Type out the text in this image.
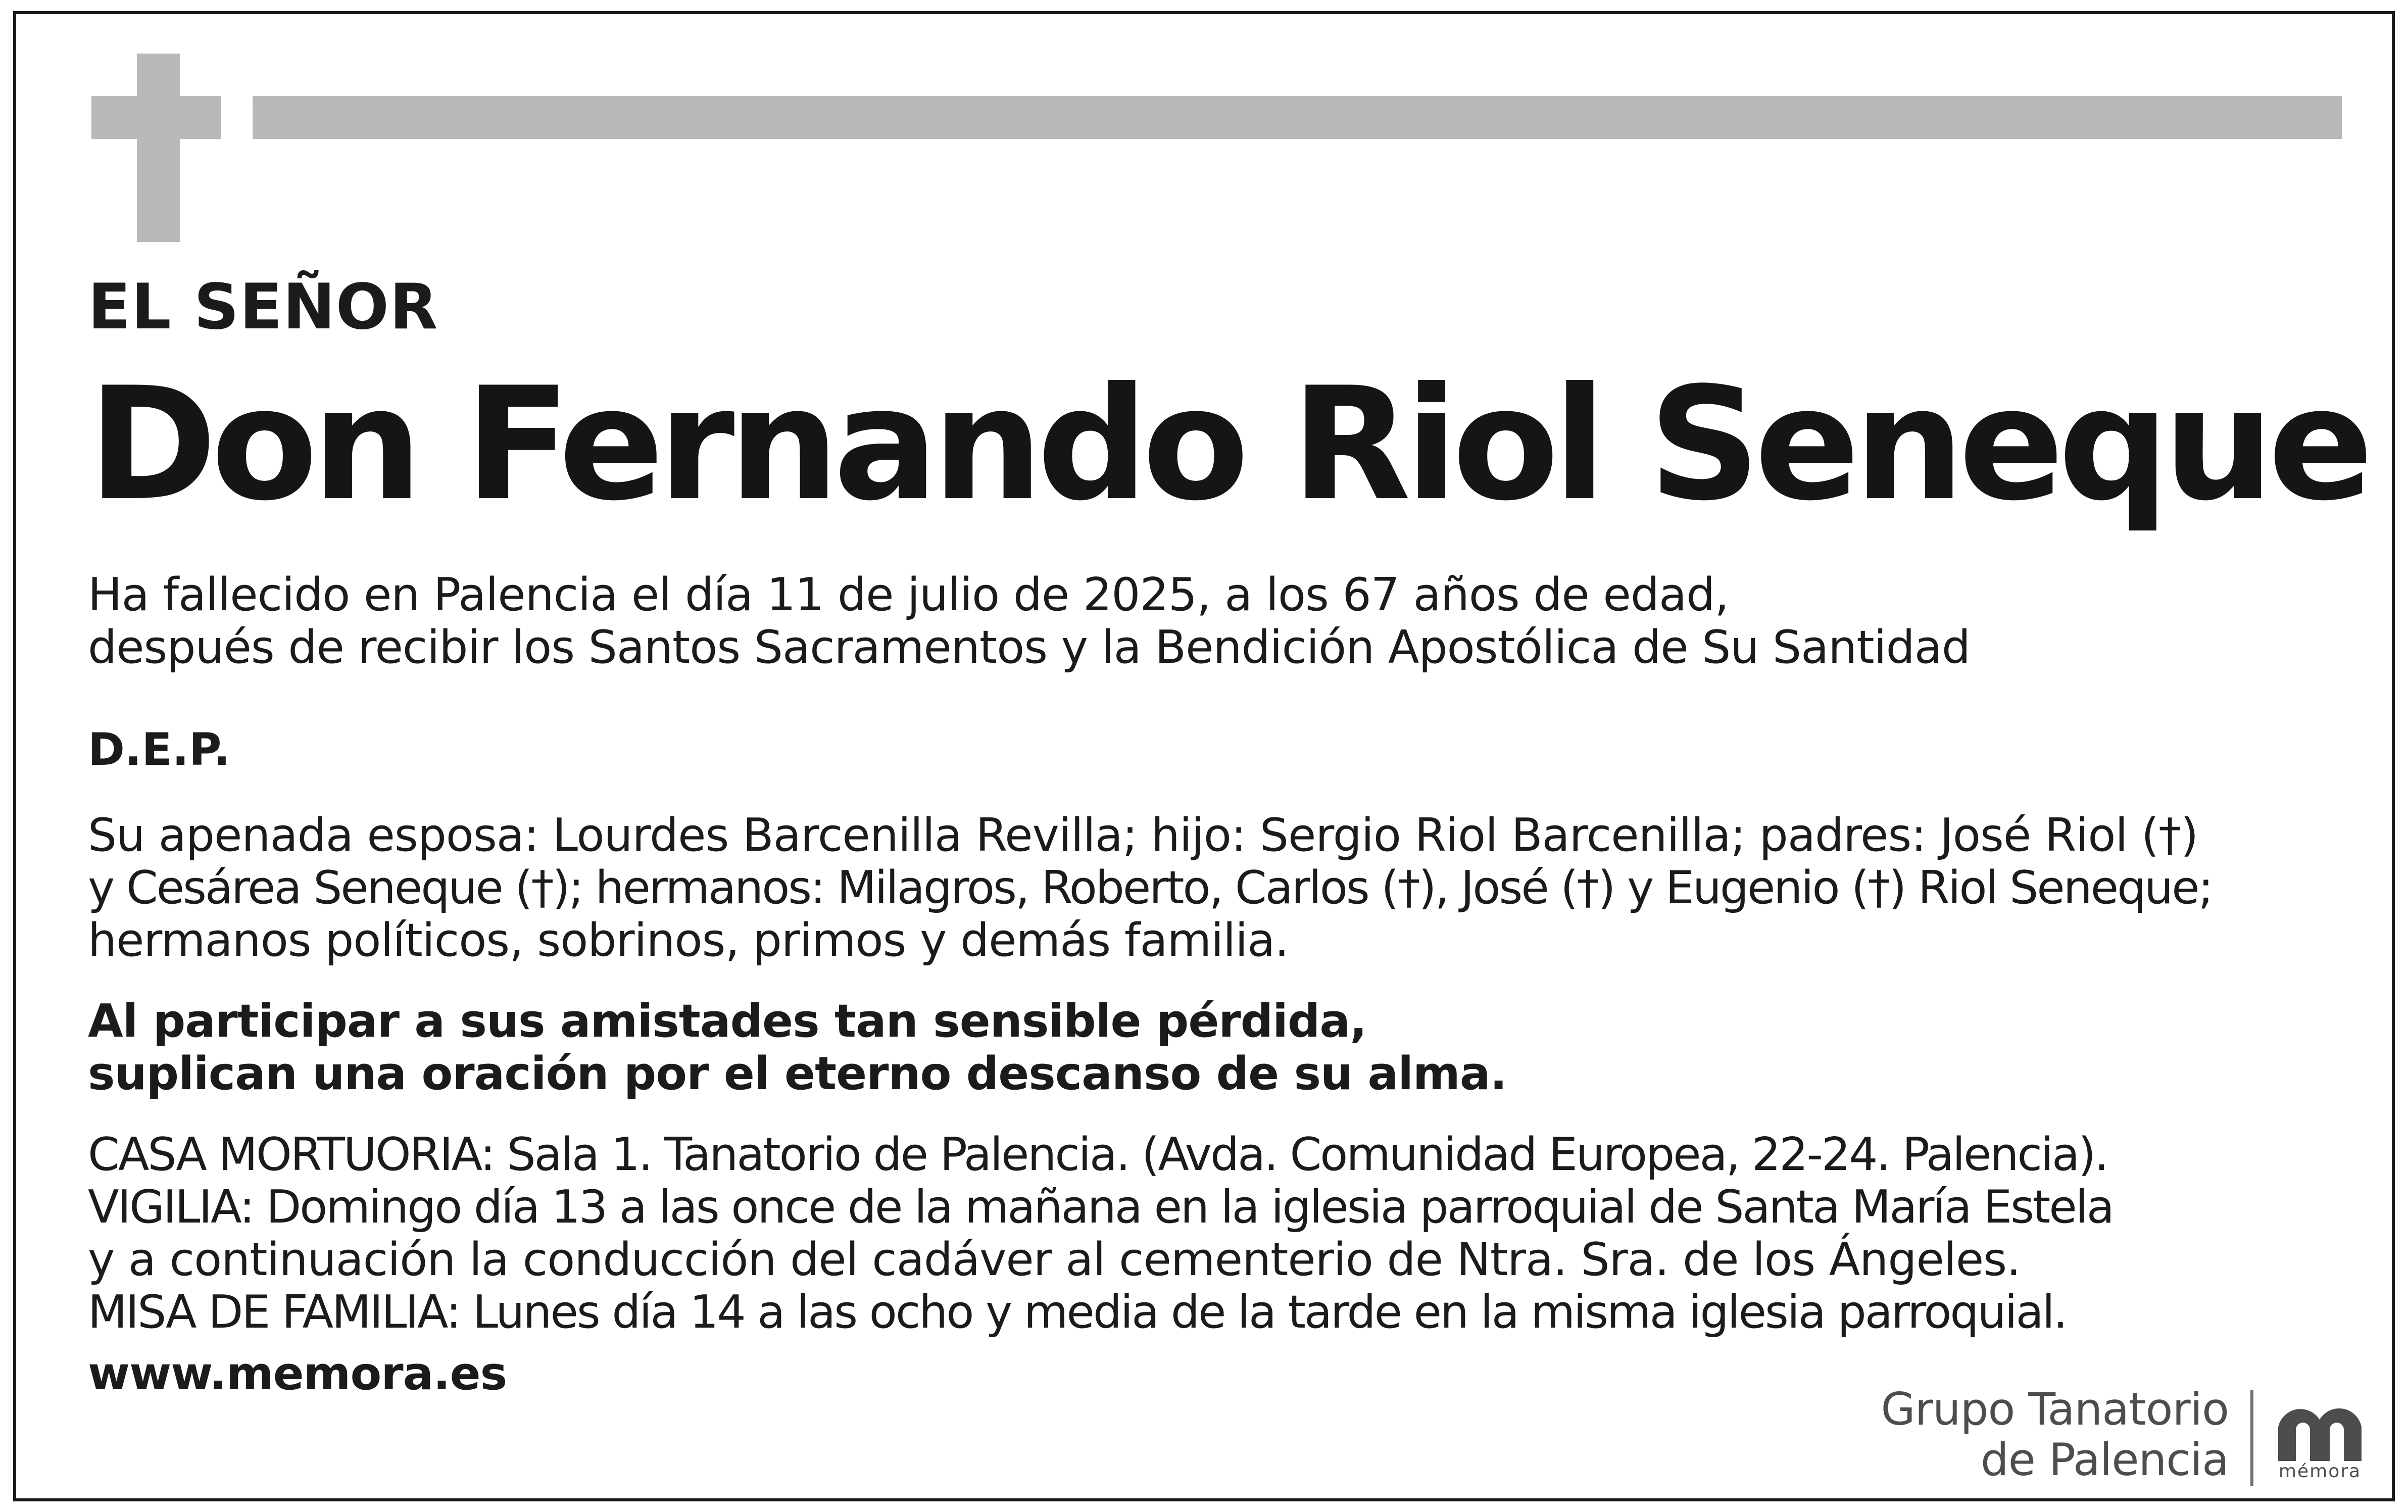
EL SEÑOR
Don Fernando Riol Seneque
Ha fallecido en Palencia el día 11 de julio de 2025, a los 67 años de edad,
después de recibir los Santos Sacramentos y la Bendición Apostólica de Su Santidad
D.E.P.
Su apenada esposa: Lourdes Barcenilla Revilla; hijo: Sergio Riol Barcenilla; padres: José Riol (†)
y Cesárea Seneque (†); hermanos: Milagros, Roberto, Carlos (†), José (†) y Eugenio (†) Riol Seneque;
hermanos políticos, sobrinos, primos y demás familia.
Al participar a sus amistades tan sensible pérdida,
suplican una oración por el eterno descanso de su alma.
CASA MORTUORIA: Sala 1. Tanatorio de Palencia. (Avda. Comunidad Europea, 22-24. Palencia).
VIGILIA: Domingo día 13 a las once de la mañana en la iglesia parroquial de Santa María Estela
y a continuación la conducción del cadáver al cementerio de Ntra. Sra. de los Ángeles.
MISA DE FAMILIA: Lunes día 14 a las ocho y media de la tarde en la misma iglesia parroquial.
www.memora.es
Grupo Tanatorio
de Palencia	mémora
